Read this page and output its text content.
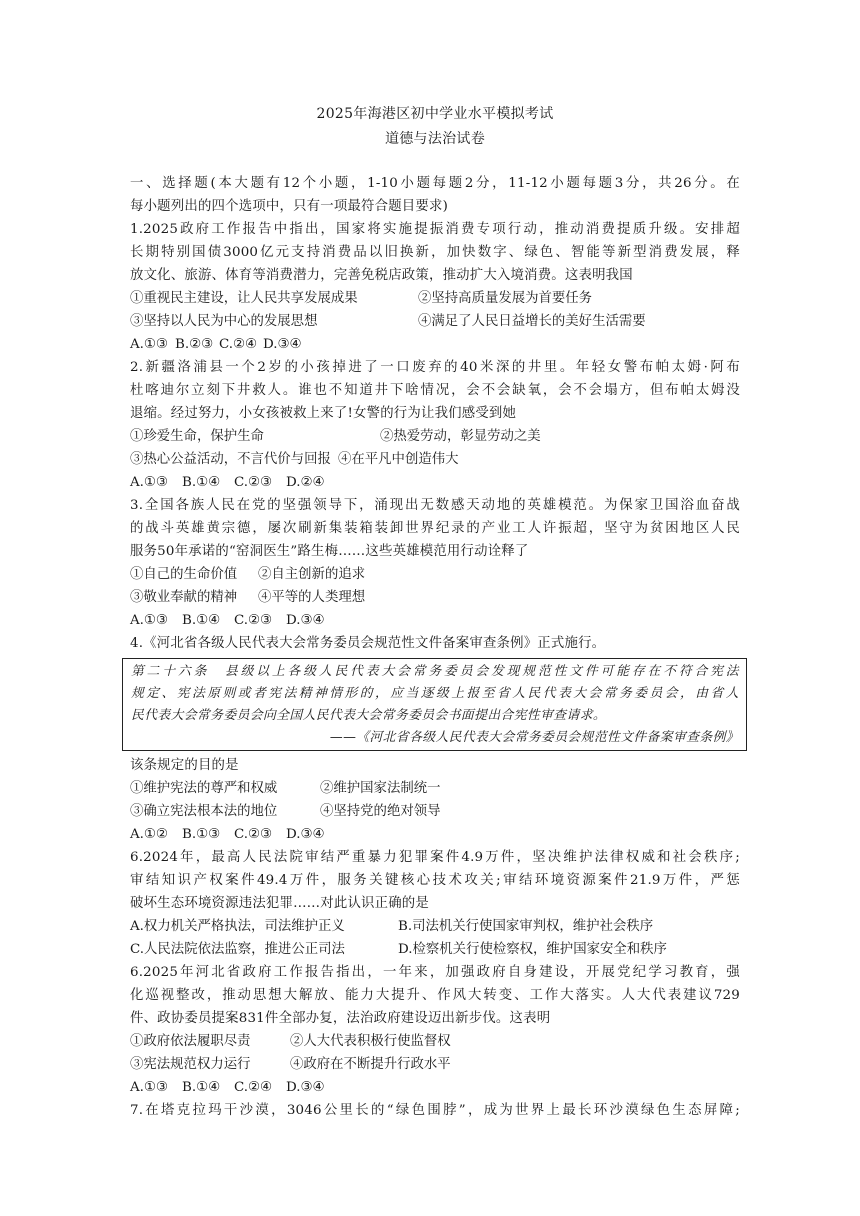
2025年海港区初中学业水平模拟考试
道德与法治试卷
一、选择题(本大题有12个小题，1-10小题每题2分，11-12小题每题3分，共26分。在
每小题列出的四个选项中，只有一项最符合题目要求)
1.2025政府工作报告中指出，国家将实施提振消费专项行动，推动消费提质升级。安排超
长期特别国债3000亿元支持消费品以旧换新，加快数字、绿色、智能等新型消费发展，释
放文化、旅游、体育等消费潜力，完善免税店政策，推动扩大入境消费。这表明我国
①重视民主建设，让人民共享发展成果	②坚持高质量发展为首要任务
③坚持以人民为中心的发展思想	④满足了人民日益增长的美好生活需要
A.①③ B.②③ C.②④ D.③④
2.新疆洛浦县一个2岁的小孩掉进了一口废弃的40米深的井里。年轻女警布帕太姆·阿布
杜喀迪尔立刻下井救人。谁也不知道井下啥情况，会不会缺氧，会不会塌方，但布帕太姆没
退缩。经过努力，小女孩被救上来了!女警的行为让我们感受到她
①珍爱生命，保护生命	②热爱劳动，彰显劳动之美
③热心公益活动，不言代价与回报 ④在平凡中创造伟大
A.①③	B.①④	C.②③	D.②④
3.全国各族人民在党的坚强领导下，涌现出无数感天动地的英雄模范。为保家卫国浴血奋战
的战斗英雄黄宗德，屡次刷新集装箱装卸世界纪录的产业工人许振超，坚守为贫困地区人民
服务50年承诺的“窑洞医生”路生梅……这些英雄模范用行动诠释了
①自己的生命价值	②自主创新的追求
③敬业奉献的精神	④平等的人类理想
A.①③	B.①④	C.②③	D.③④
4.《河北省各级人民代表大会常务委员会规范性文件备案审查条例》正式施行。
第二十六条　县级以上各级人民代表大会常务委员会发现规范性文件可能存在不符合宪法
规定、宪法原则或者宪法精神情形的，应当逐级上报至省人民代表大会常务委员会，由省人
民代表大会常务委员会向全国人民代表大会常务委员会书面提出合宪性审查请求。
——《河北省各级人民代表大会常务委员会规范性文件备案审查条例》
该条规定的目的是
①维护宪法的尊严和权威	②维护国家法制统一
③确立宪法根本法的地位	④坚持党的绝对领导
A.①②	B.①③	C.②③	D.③④
6.2024年，最高人民法院审结严重暴力犯罪案件4.9万件，坚决维护法律权威和社会秩序;
审结知识产权案件49.4万件，服务关键核心技术攻关;审结环境资源案件21.9万件，严惩
破坏生态环境资源违法犯罪……对此认识正确的是
A.权力机关严格执法，司法维护正义	B.司法机关行使国家审判权，维护社会秩序
C.人民法院依法监察，推进公正司法	D.检察机关行使检察权，维护国家安全和秩序
6.2025年河北省政府工作报告指出，一年来，加强政府自身建设，开展党纪学习教育，强
化巡视整改，推动思想大解放、能力大提升、作风大转变、工作大落实。人大代表建议729
件、政协委员提案831件全部办复，法治政府建设迈出新步伐。这表明
①政府依法履职尽责	②人大代表积极行使监督权
③宪法规范权力运行	④政府在不断提升行政水平
A.①③	B.①④	C.②④	D.③④
7.在塔克拉玛干沙漠，3046公里长的“绿色围脖”，成为世界上最长环沙漠绿色生态屏障;
